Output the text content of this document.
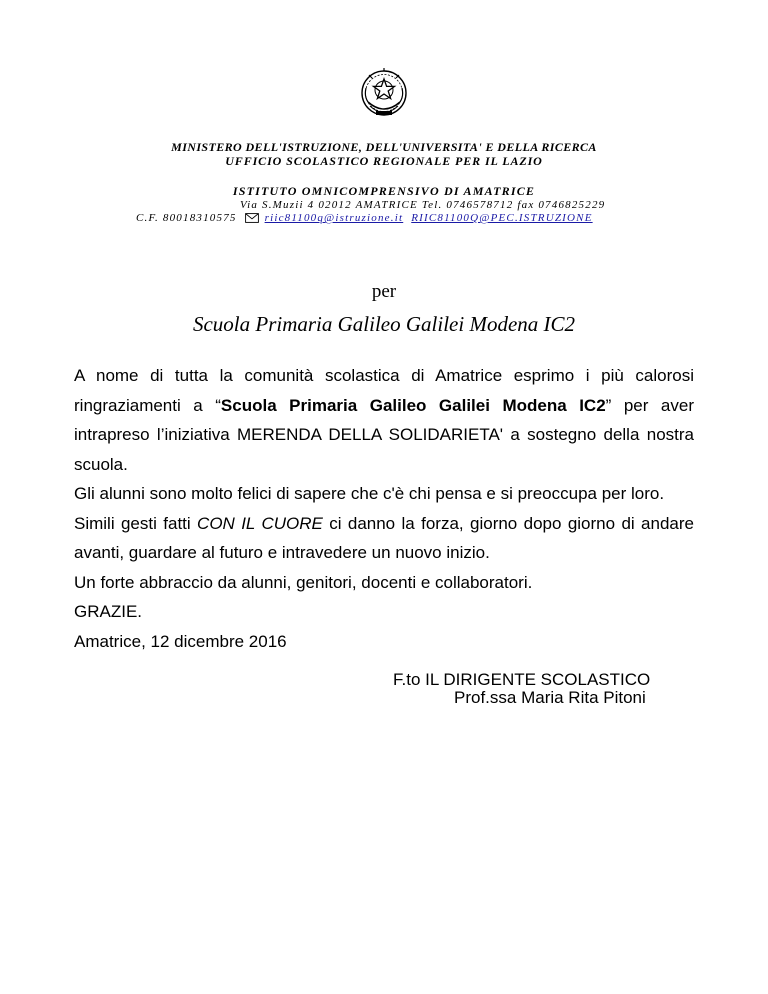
MINISTERO DELL'ISTRUZIONE, DELL'UNIVERSITA' E DELLA RICERCA
UFFICIO SCOLASTICO REGIONALE PER IL LAZIO
ISTITUTO OMNICOMPRENSIVO DI AMATRICE
Via S.Muzii 4 02012 AMATRICE Tel. 0746578712 fax 0746825229
C.F. 80018310575	riic81100q@istruzione.it RIIC81100Q@PEC.ISTRUZIONE
per
Scuola Primaria Galileo Galilei Modena IC2

A nome di tutta la comunità scolastica di Amatrice esprimo i più calorosi ringraziamenti a “Scuola Primaria Galileo Galilei Modena IC2” per aver intrapreso l’iniziativa MERENDA DELLA SOLIDARIETA' a sostegno della nostra scuola.

Gli alunni sono molto felici di sapere che c'è chi pensa e si preoccupa per loro.

Simili gesti fatti CON IL CUORE ci danno la forza, giorno dopo giorno di andare avanti, guardare al futuro e intravedere un nuovo inizio.

Un forte abbraccio da alunni, genitori, docenti e collaboratori.

GRAZIE.

Amatrice, 12 dicembre 2016

F.to IL DIRIGENTE SCOLASTICO
Prof.ssa Maria Rita Pitoni
